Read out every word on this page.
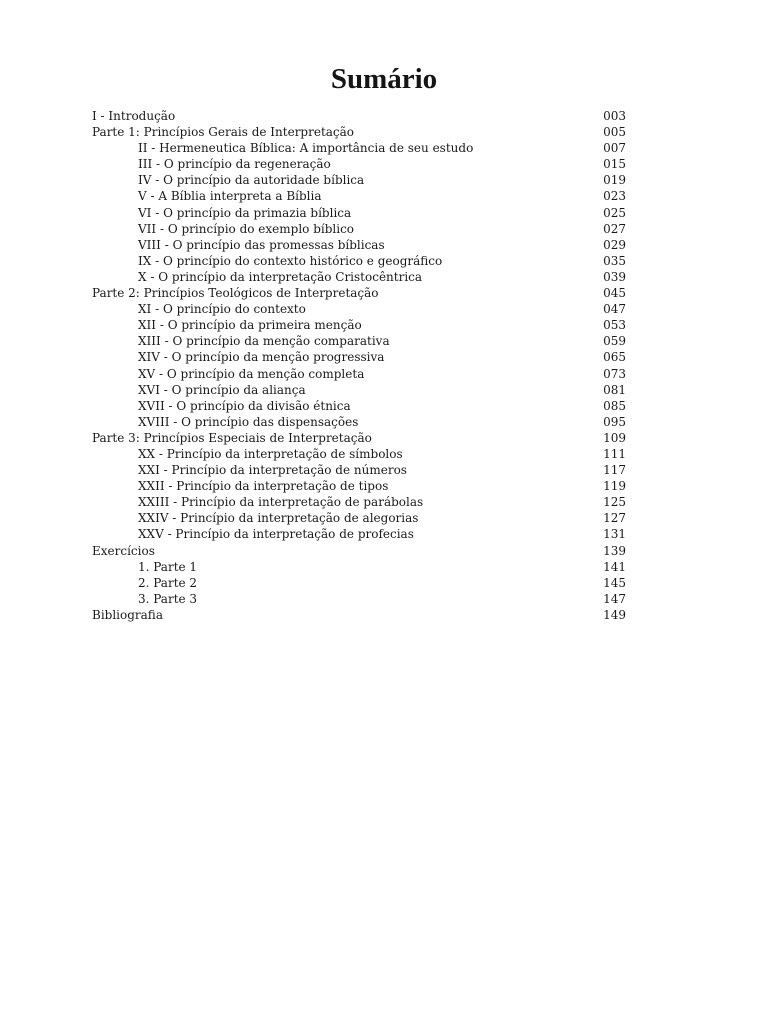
Sumário
I - Introdução	003
Parte 1: Princípios Gerais de Interpretação	005
II - Hermeneutica Bíblica: A importância de seu estudo	007
III - O princípio da regeneração	015
IV - O princípio da autoridade bíblica	019
V - A Bíblia interpreta a Bíblia	023
VI - O princípio da primazia bíblica	025
VII - O princípio do exemplo bíblico	027
VIII - O princípio das promessas bíblicas	029
IX - O princípio do contexto histórico e geográfico	035
X - O princípio da interpretação Cristocêntrica	039
Parte 2: Princípios Teológicos de Interpretação	045
XI - O princípio do contexto	047
XII - O princípio da primeira menção	053
XIII - O princípio da menção comparativa	059
XIV - O princípio da menção progressiva	065
XV - O princípio da menção completa	073
XVI - O princípio da aliança	081
XVII - O princípio da divisão étnica	085
XVIII - O princípio das dispensações	095
Parte 3: Princípios Especiais de Interpretação	109
XX - Princípio da interpretação de símbolos	111
XXI - Princípio da interpretação de números	117
XXII - Princípio da interpretação de tipos	119
XXIII - Princípio da interpretação de parábolas	125
XXIV - Princípio da interpretação de alegorias	127
XXV - Princípio da interpretação de profecias	131
Exercícios	139
1. Parte 1	141
2. Parte 2	145
3. Parte 3	147
Bibliografia	149
